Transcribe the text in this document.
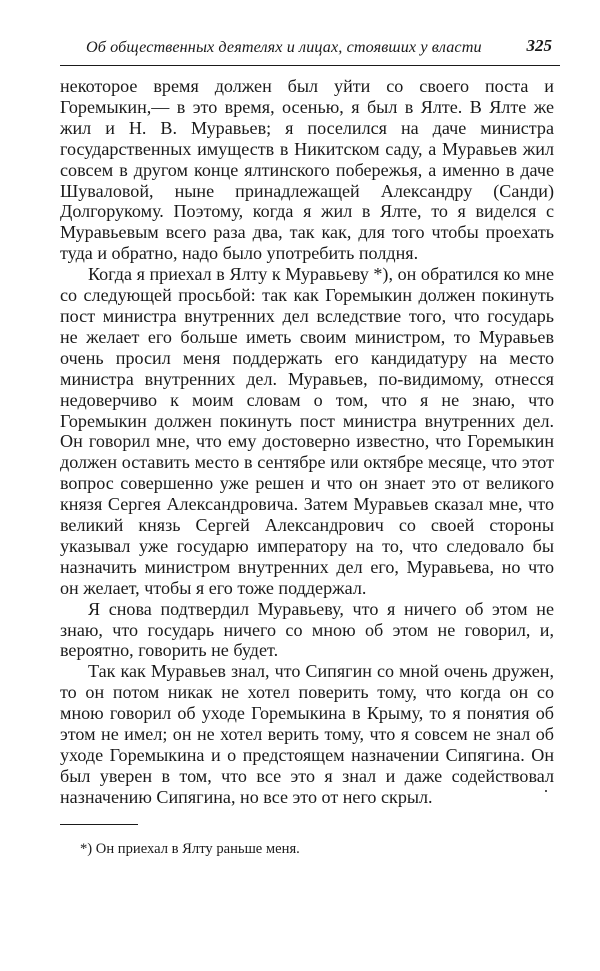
Об общественных деятелях и лицах, стоявших у власти	325

некоторое время должен был уйти со своего поста и Горемыкин,— в это время, осенью, я был в Ялте. В Ялте же жил и Н. В. Муравьев; я поселился на даче министра государственных имуществ в Никитском саду, а Муравьев жил совсем в другом конце ялтинского побережья, а именно в даче Шуваловой, ныне принадлежащей Александру (Санди) Долгорукому. Поэтому, когда я жил в Ялте, то я виделся с Муравьевым всего раза два, так как, для того чтобы проехать туда и обратно, надо было употребить полдня.

Когда я приехал в Ялту к Муравьеву *), он обратился ко мне со следующей просьбой: так как Горемыкин должен покинуть пост министра внутренних дел вследствие того, что государь не желает его больше иметь своим министром, то Муравьев очень просил меня поддержать его кандидатуру на место министра внутренних дел. Муравьев, по-видимому, отнесся недоверчиво к моим словам о том, что я не знаю, что Горемыкин должен покинуть пост министра внутренних дел. Он говорил мне, что ему достоверно известно, что Горемыкин должен оставить место в сентябре или октябре месяце, что этот вопрос совершенно уже решен и что он знает это от великого князя Сергея Александровича. Затем Муравьев сказал мне, что великий князь Сергей Александрович со своей стороны указывал уже государю императору на то, что следовало бы назначить министром внутренних дел его, Муравьева, но что он желает, чтобы я его тоже поддержал.

Я снова подтвердил Муравьеву, что я ничего об этом не знаю, что государь ничего со мною об этом не говорил, и, вероятно, говорить не будет.

Так как Муравьев знал, что Сипягин со мной очень дружен, то он потом никак не хотел поверить тому, что когда он со мною говорил об уходе Горемыкина в Крыму, то я понятия об этом не имел; он не хотел верить тому, что я совсем не знал об уходе Горемыкина и о предстоящем назначении Сипягина. Он был уверен в том, что все это я знал и даже содействовал назначению Сипягина, но все это от него скрыл.

*) Он приехал в Ялту раньше меня.
